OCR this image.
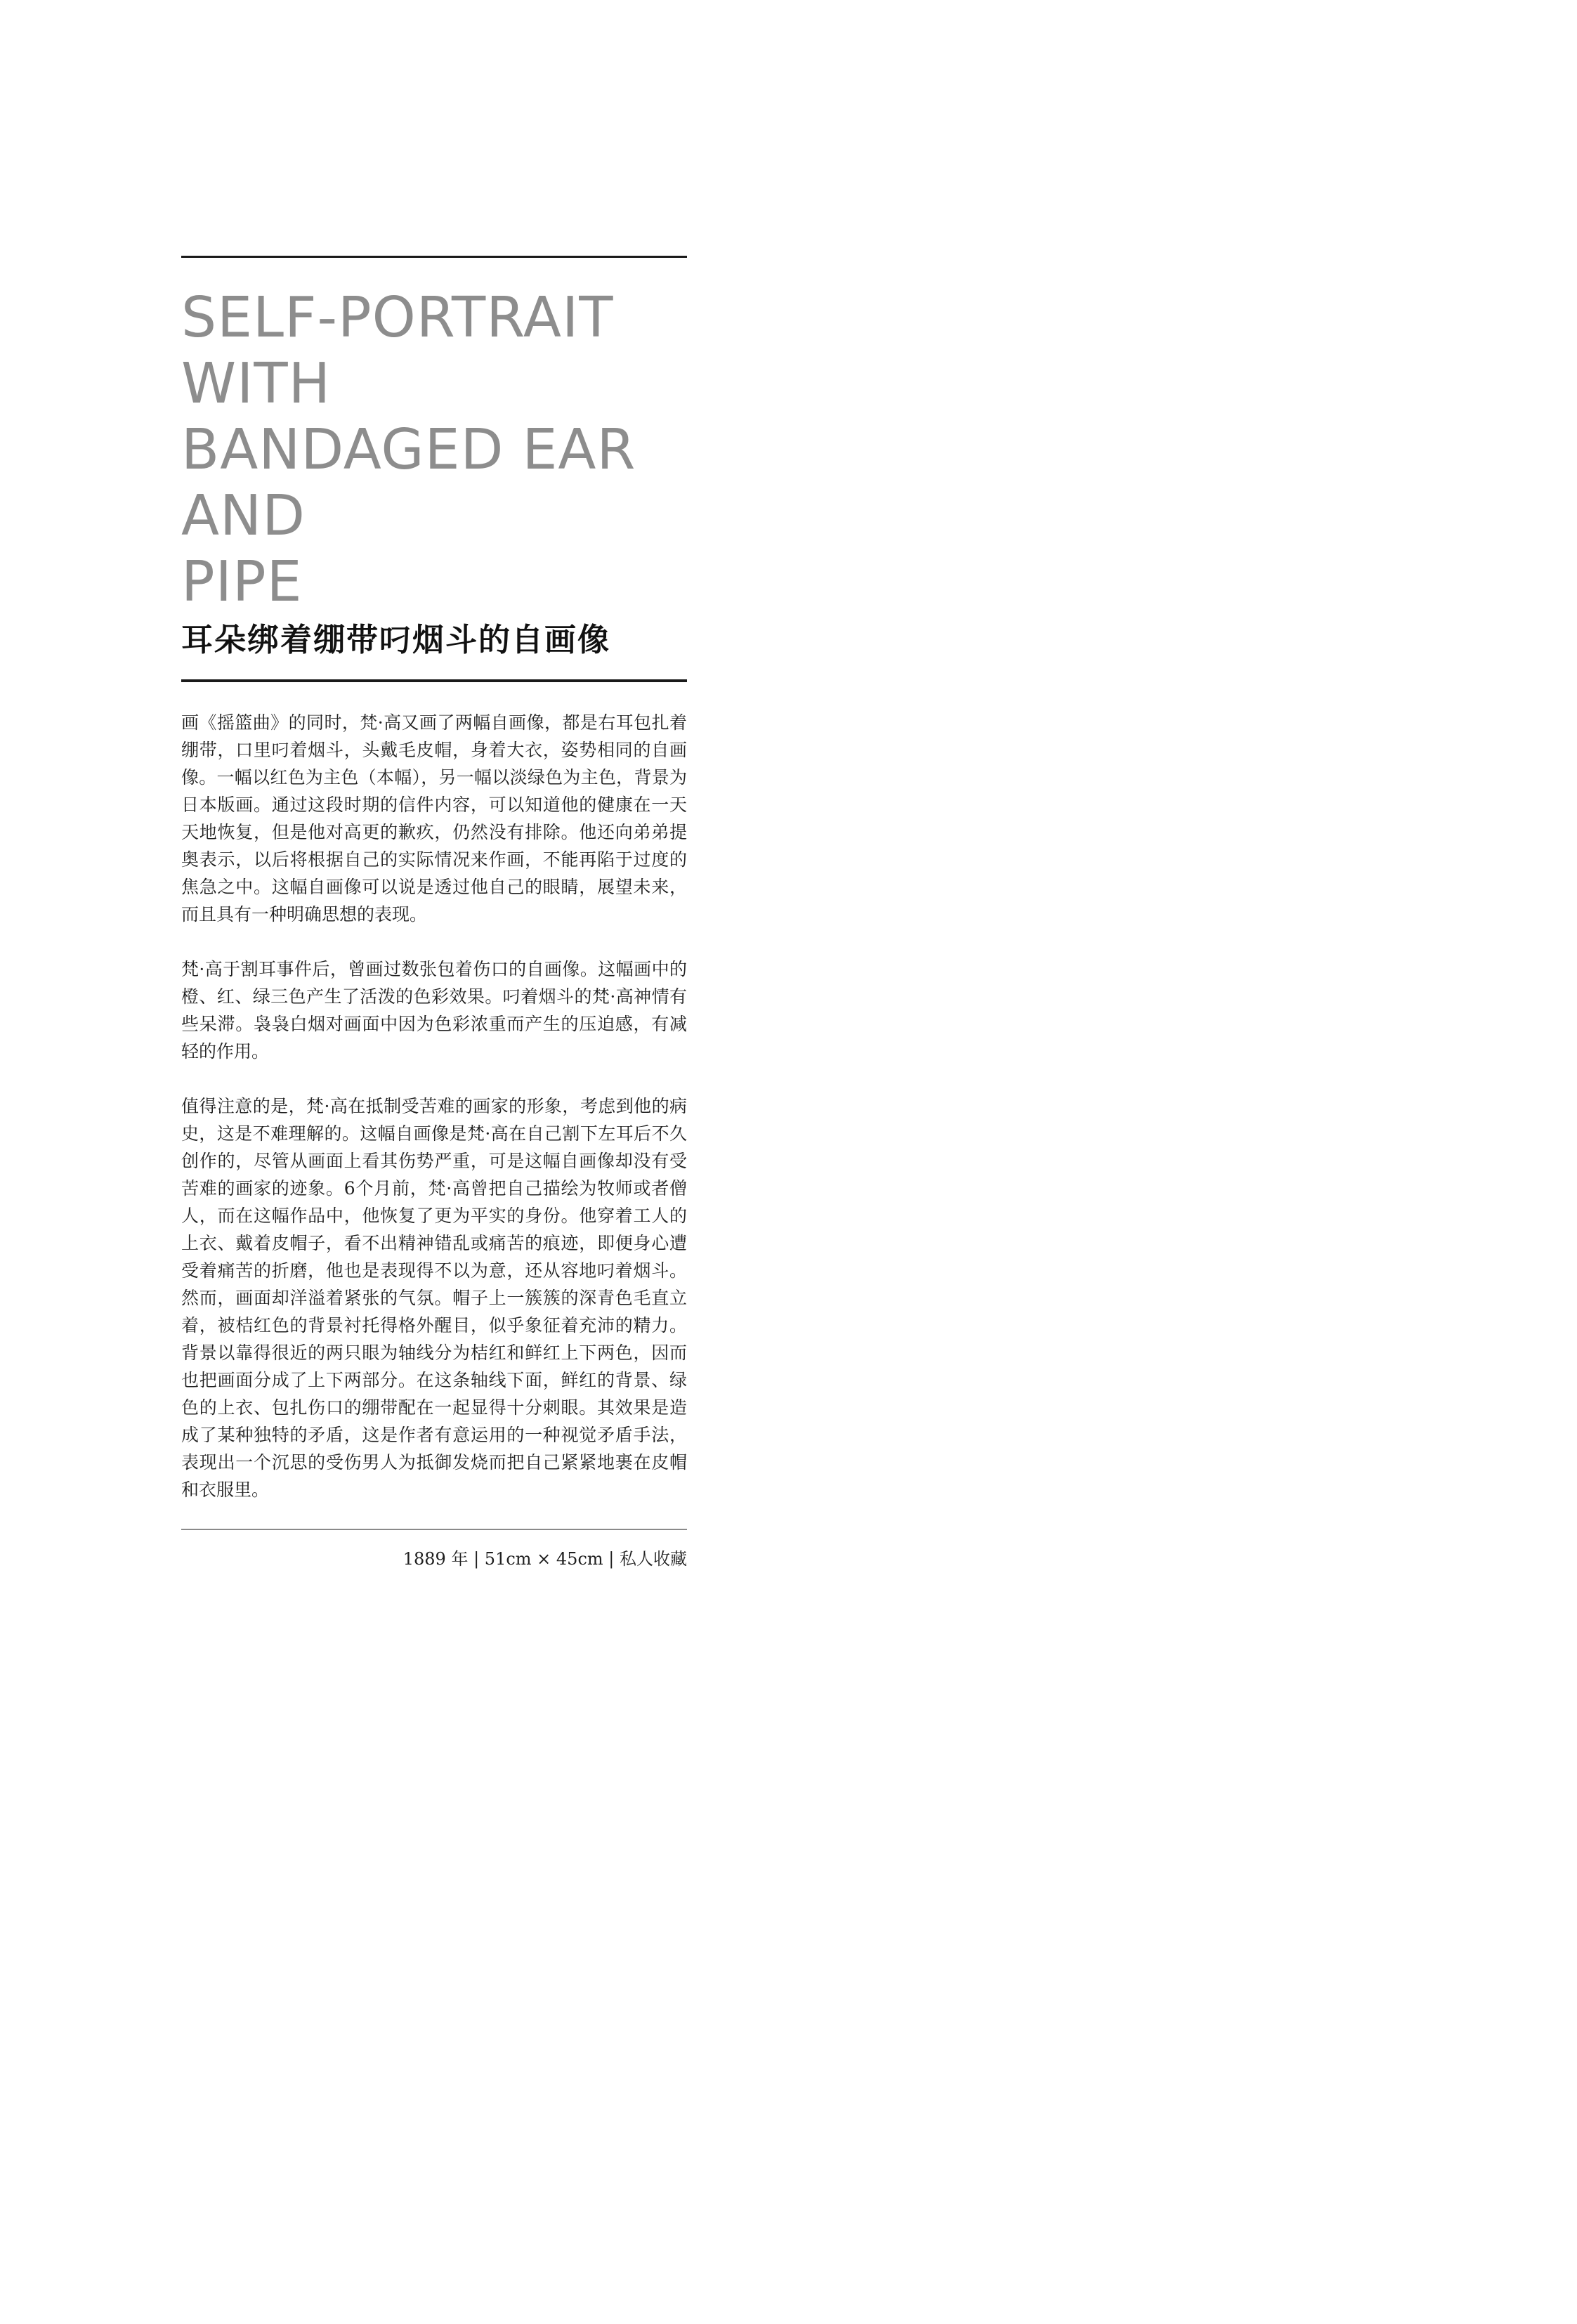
SELF-PORTRAIT WITH
BANDAGED EAR AND
PIPE
耳朵绑着绷带叼烟斗的自画像

画《摇篮曲》的同时，梵·高又画了两幅自画像，都是右耳包扎着绷带，口里叼着烟斗，头戴毛皮帽，身着大衣，姿势相同的自画像。一幅以红色为主色（本幅），另一幅以淡绿色为主色，背景为日本版画。通过这段时期的信件内容，可以知道他的健康在一天天地恢复，但是他对高更的歉疚，仍然没有排除。他还向弟弟提奥表示，以后将根据自己的实际情况来作画，不能再陷于过度的焦急之中。这幅自画像可以说是透过他自己的眼睛，展望未来，而且具有一种明确思想的表现。

梵·高于割耳事件后，曾画过数张包着伤口的自画像。这幅画中的橙、红、绿三色产生了活泼的色彩效果。叼着烟斗的梵·高神情有些呆滞。袅袅白烟对画面中因为色彩浓重而产生的压迫感，有减轻的作用。

值得注意的是，梵·高在抵制受苦难的画家的形象，考虑到他的病史，这是不难理解的。这幅自画像是梵·高在自己割下左耳后不久创作的，尽管从画面上看其伤势严重，可是这幅自画像却没有受苦难的画家的迹象。6个月前，梵·高曾把自己描绘为牧师或者僧人，而在这幅作品中，他恢复了更为平实的身份。他穿着工人的上衣、戴着皮帽子，看不出精神错乱或痛苦的痕迹，即便身心遭受着痛苦的折磨，他也是表现得不以为意，还从容地叼着烟斗。然而，画面却洋溢着紧张的气氛。帽子上一簇簇的深青色毛直立着，被桔红色的背景衬托得格外醒目，似乎象征着充沛的精力。背景以靠得很近的两只眼为轴线分为桔红和鲜红上下两色，因而也把画面分成了上下两部分。在这条轴线下面，鲜红的背景、绿色的上衣、包扎伤口的绷带配在一起显得十分刺眼。其效果是造成了某种独特的矛盾，这是作者有意运用的一种视觉矛盾手法，表现出一个沉思的受伤男人为抵御发烧而把自己紧紧地裹在皮帽和衣服里。

1889 年 | 51cm × 45cm | 私人收藏
